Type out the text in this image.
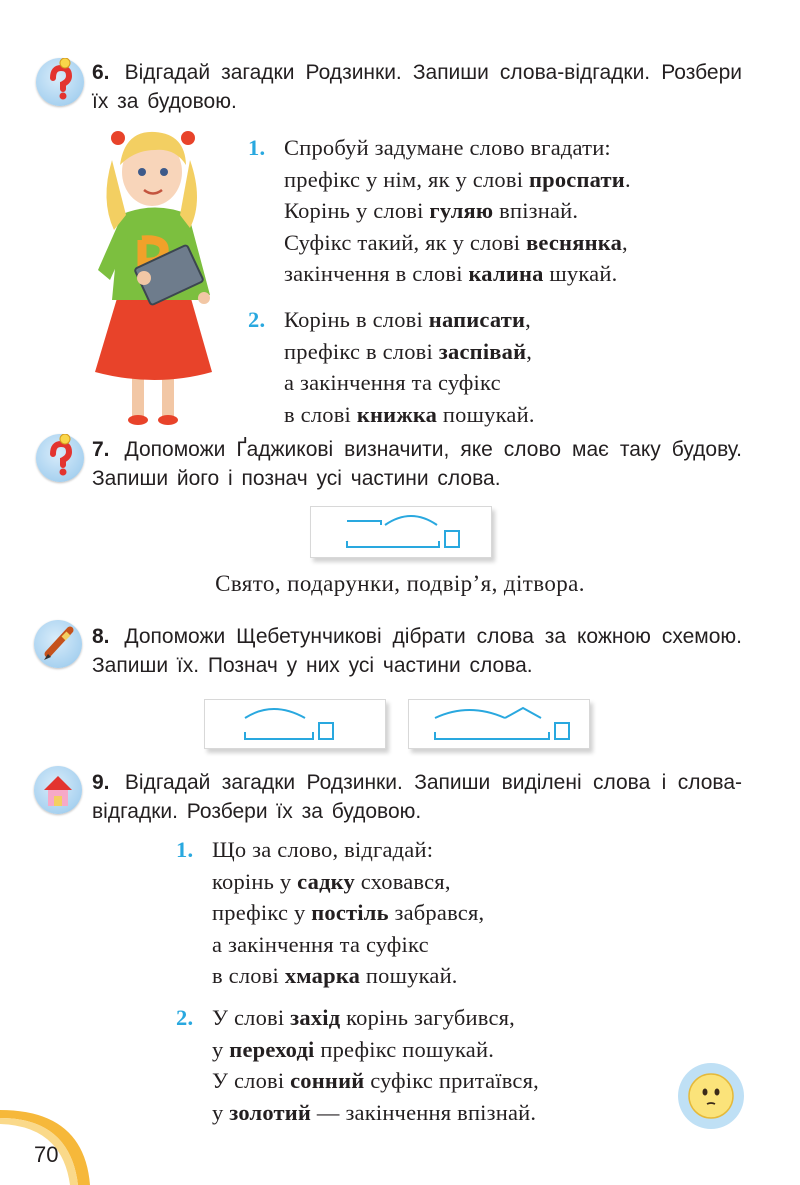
6. Відгадай загадки Родзинки. Запиши слова-відгадки. Розбери їх за будовою.
1. Спробуй задумане слово вгадати:
префікс у нім, як у слові проспати.
Корінь у слові гуляю впізнай.
Суфікс такий, як у слові веснянка,
закінчення в слові калина шукай.
2. Корінь в слові написати,
префікс в слові заспівай,
а закінчення та суфікс
в слові книжка пошукай.
7. Допоможи Ґаджикові визначити, яке слово має таку будову. Запиши його і познач усі частини слова.
Свято, подарунки, подвір’я, дітвора.
8. Допоможи Щебетунчикові дібрати слова за кожною схемою. Запиши їх. Познач у них усі частини слова.
9. Відгадай загадки Родзинки. Запиши виділені слова і слова-відгадки. Розбери їх за будовою.
1. Що за слово, відгадай:
корінь у садку сховався,
префікс у постіль забрався,
а закінчення та суфікс
в слові хмарка пошукай.
2. У слові захід корінь загубився,
у переході префікс пошукай.
У слові сонний суфікс притаївся,
у золотий — закінчення впізнай.
70
